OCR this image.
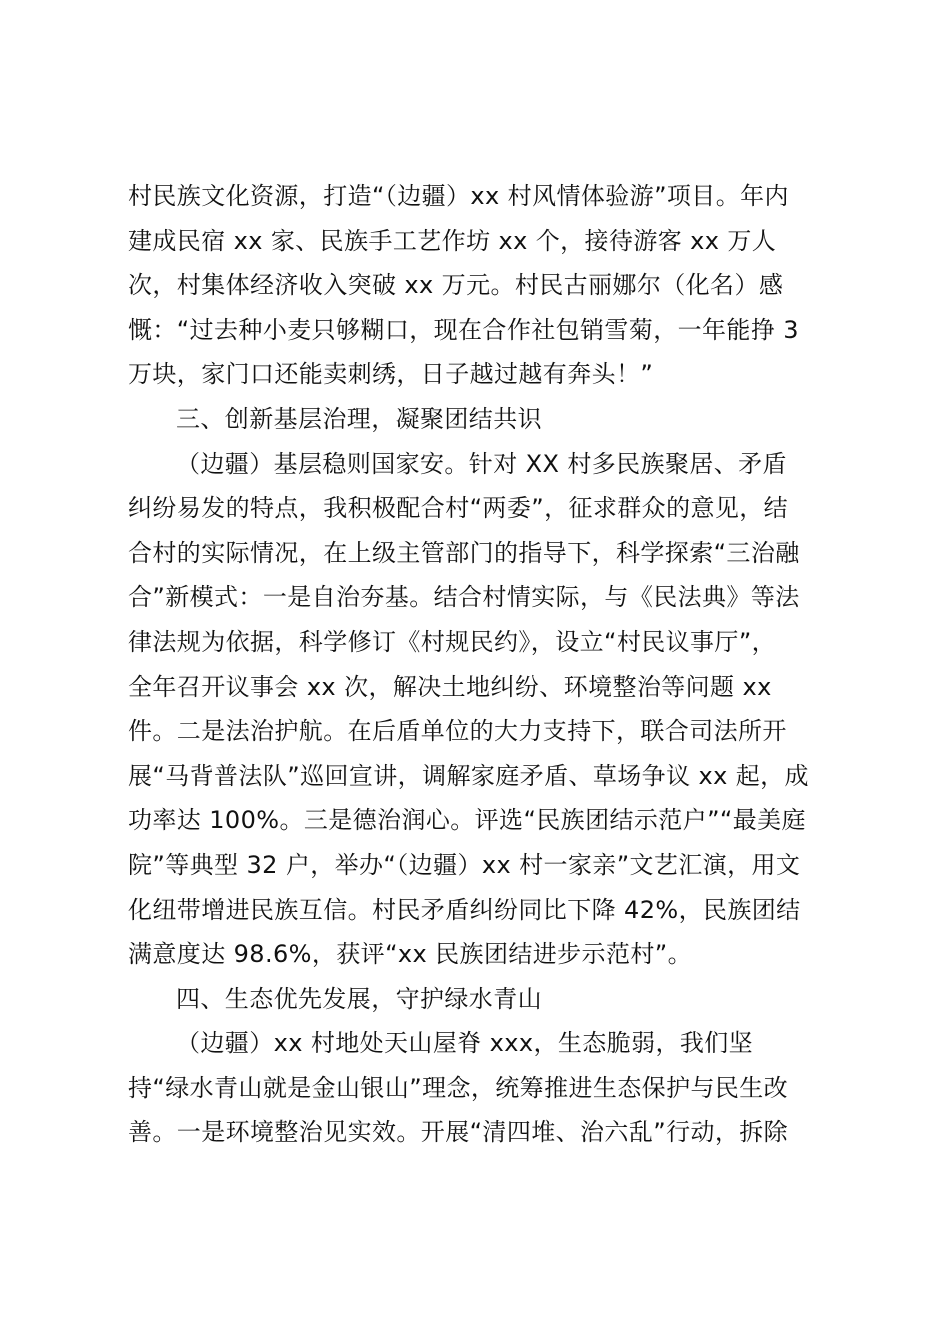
村民族文化资源，打造“（边疆）xx 村风情体验游”项目。年内
建成民宿 xx 家、民族手工艺作坊 xx 个，接待游客 xx 万人
次，村集体经济收入突破 xx 万元。村民古丽娜尔（化名）感
慨：“过去种小麦只够糊口，现在合作社包销雪菊，一年能挣 3
万块，家门口还能卖刺绣，日子越过越有奔头！”
三、创新基层治理，凝聚团结共识
（边疆）基层稳则国家安。针对 XX 村多民族聚居、矛盾
纠纷易发的特点，我积极配合村“两委”，征求群众的意见，结
合村的实际情况，在上级主管部门的指导下，科学探索“三治融
合”新模式：一是自治夯基。结合村情实际，与《民法典》等法
律法规为依据，科学修订《村规民约》，设立“村民议事厅”，
全年召开议事会 xx 次，解决土地纠纷、环境整治等问题 xx
件。二是法治护航。在后盾单位的大力支持下，联合司法所开
展“马背普法队”巡回宣讲，调解家庭矛盾、草场争议 xx 起，成
功率达 100%。三是德治润心。评选“民族团结示范户”“最美庭
院”等典型 32 户，举办“（边疆）xx 村一家亲”文艺汇演，用文
化纽带增进民族互信。村民矛盾纠纷同比下降 42%，民族团结
满意度达 98.6%，获评“xx 民族团结进步示范村”。
四、生态优先发展，守护绿水青山
（边疆）xx 村地处天山屋脊 xxx，生态脆弱，我们坚
持“绿水青山就是金山银山”理念，统筹推进生态保护与民生改
善。一是环境整治见实效。开展“清四堆、治六乱”行动，拆除
